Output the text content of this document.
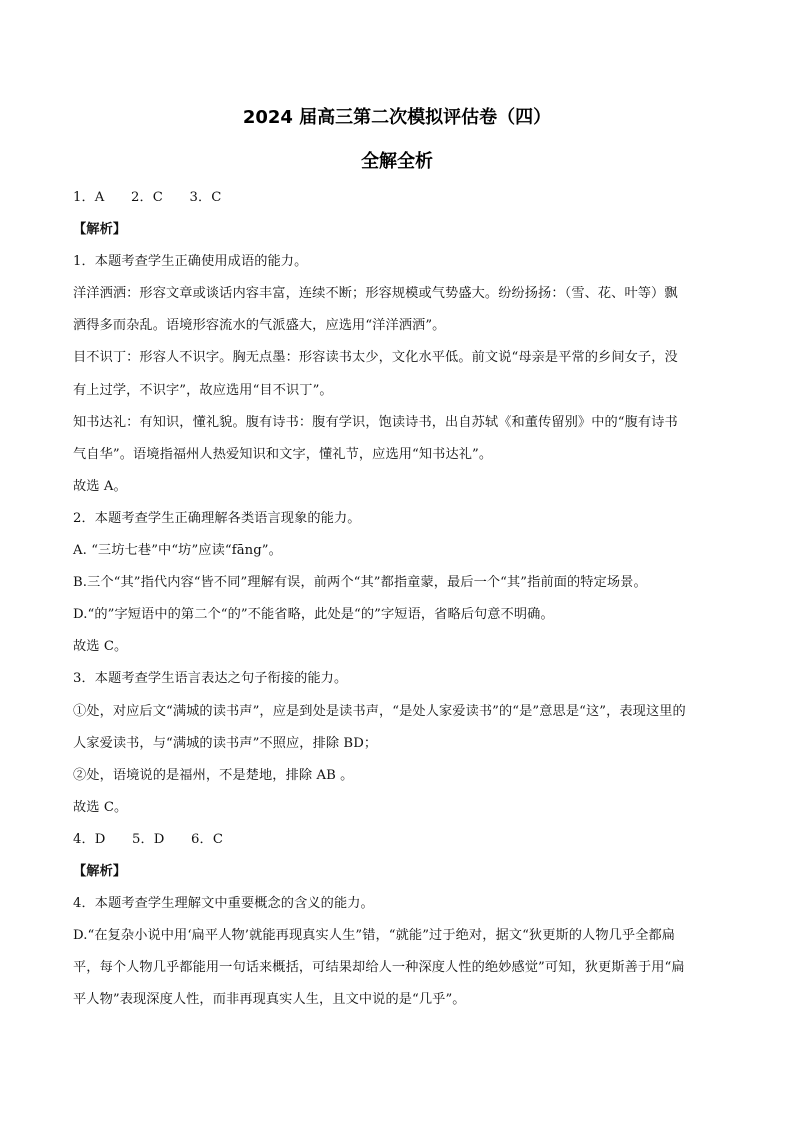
2024 届高三第二次模拟评估卷（四）
全解全析
1．A　　2．C　　3．C
【解析】
1．本题考查学生正确使用成语的能力。
洋洋洒洒：形容文章或谈话内容丰富，连续不断；形容规模或气势盛大。纷纷扬扬：（雪、花、叶等）飘
洒得多而杂乱。语境形容流水的气派盛大，应选用“洋洋洒洒”。
目不识丁：形容人不识字。胸无点墨：形容读书太少，文化水平低。前文说“母亲是平常的乡间女子，没
有上过学，不识字”，故应选用“目不识丁”。
知书达礼：有知识，懂礼貌。腹有诗书：腹有学识，饱读诗书，出自苏轼《和董传留别》中的“腹有诗书
气自华”。语境指福州人热爱知识和文字，懂礼节，应选用“知书达礼”。
故选 A。
2．本题考查学生正确理解各类语言现象的能力。
A. “三坊七巷”中“坊”应读“fāng”。
B.三个“其”指代内容“皆不同”理解有误，前两个“其”都指童蒙，最后一个“其”指前面的特定场景。
D.“的”字短语中的第二个“的”不能省略，此处是“的”字短语，省略后句意不明确。
故选 C。
3．本题考查学生语言表达之句子衔接的能力。
①处，对应后文“满城的读书声”，应是到处是读书声，“是处人家爱读书”的“是”意思是“这”，表现这里的
人家爱读书，与“满城的读书声”不照应，排除 BD；
②处，语境说的是福州，不是楚地，排除 AB 。
故选 C。
4．D　　5．D　　6．C
【解析】
4．本题考查学生理解文中重要概念的含义的能力。
D.“在复杂小说中用‘扁平人物’就能再现真实人生”错，“就能”过于绝对，据文“狄更斯的人物几乎全都扁
平，每个人物几乎都能用一句话来概括，可结果却给人一种深度人性的绝妙感觉”可知，狄更斯善于用“扁
平人物”表现深度人性，而非再现真实人生，且文中说的是“几乎”。
